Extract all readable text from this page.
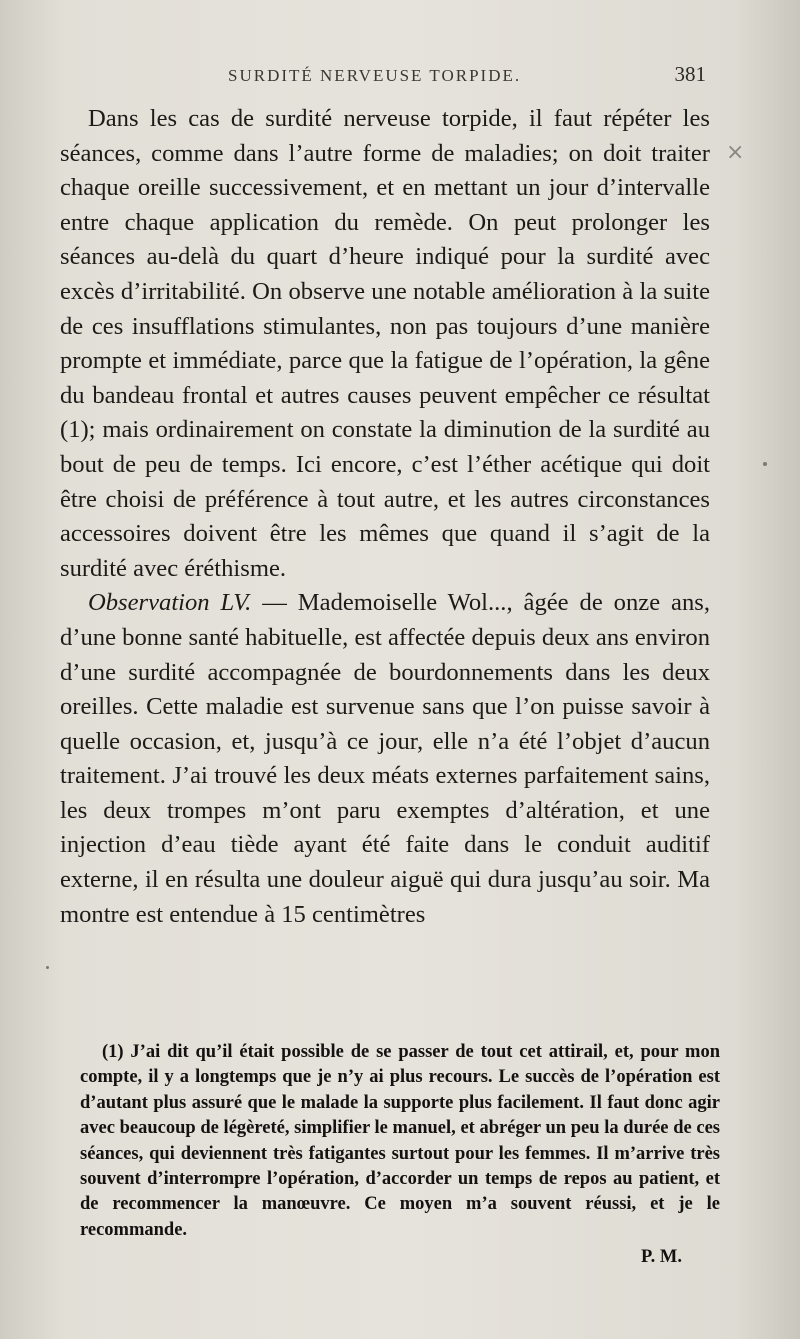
SURDITÉ NERVEUSE TORPIDE.	381
×

Dans les cas de surdité nerveuse torpide, il faut répéter les séances, comme dans l’autre forme de maladies; on doit traiter chaque oreille successivement, et en mettant un jour d’intervalle entre chaque application du remède. On peut prolonger les séances au-delà du quart d’heure indiqué pour la surdité avec excès d’irritabilité. On observe une notable amélioration à la suite de ces insufflations stimulantes, non pas toujours d’une manière prompte et immédiate, parce que la fatigue de l’opération, la gêne du bandeau frontal et autres causes peuvent empêcher ce résultat (1); mais ordinairement on constate la diminution de la surdité au bout de peu de temps. Ici encore, c’est l’éther acétique qui doit être choisi de préférence à tout autre, et les autres circonstances accessoires doivent être les mêmes que quand il s’agit de la surdité avec éréthisme.

Observation LV. — Mademoiselle Wol..., âgée de onze ans, d’une bonne santé habituelle, est affectée depuis deux ans environ d’une surdité accompagnée de bourdonnements dans les deux oreilles. Cette maladie est survenue sans que l’on puisse savoir à quelle occasion, et, jusqu’à ce jour, elle n’a été l’objet d’aucun traitement. J’ai trouvé les deux méats externes parfaitement sains, les deux trompes m’ont paru exemptes d’altération, et une injection d’eau tiède ayant été faite dans le conduit auditif externe, il en résulta une douleur aiguë qui dura jusqu’au soir. Ma montre est entendue à 15 centimètres

(1) J’ai dit qu’il était possible de se passer de tout cet attirail, et, pour mon compte, il y a longtemps que je n’y ai plus recours. Le succès de l’opération est d’autant plus assuré que le malade la supporte plus facilement. Il faut donc agir avec beaucoup de légèreté, simplifier le manuel, et abréger un peu la durée de ces séances, qui deviennent très fatigantes surtout pour les femmes. Il m’arrive très souvent d’interrompre l’opération, d’accorder un temps de repos au patient, et de recommencer la manœuvre. Ce moyen m’a souvent réussi, et je le recommande.

P. M.
